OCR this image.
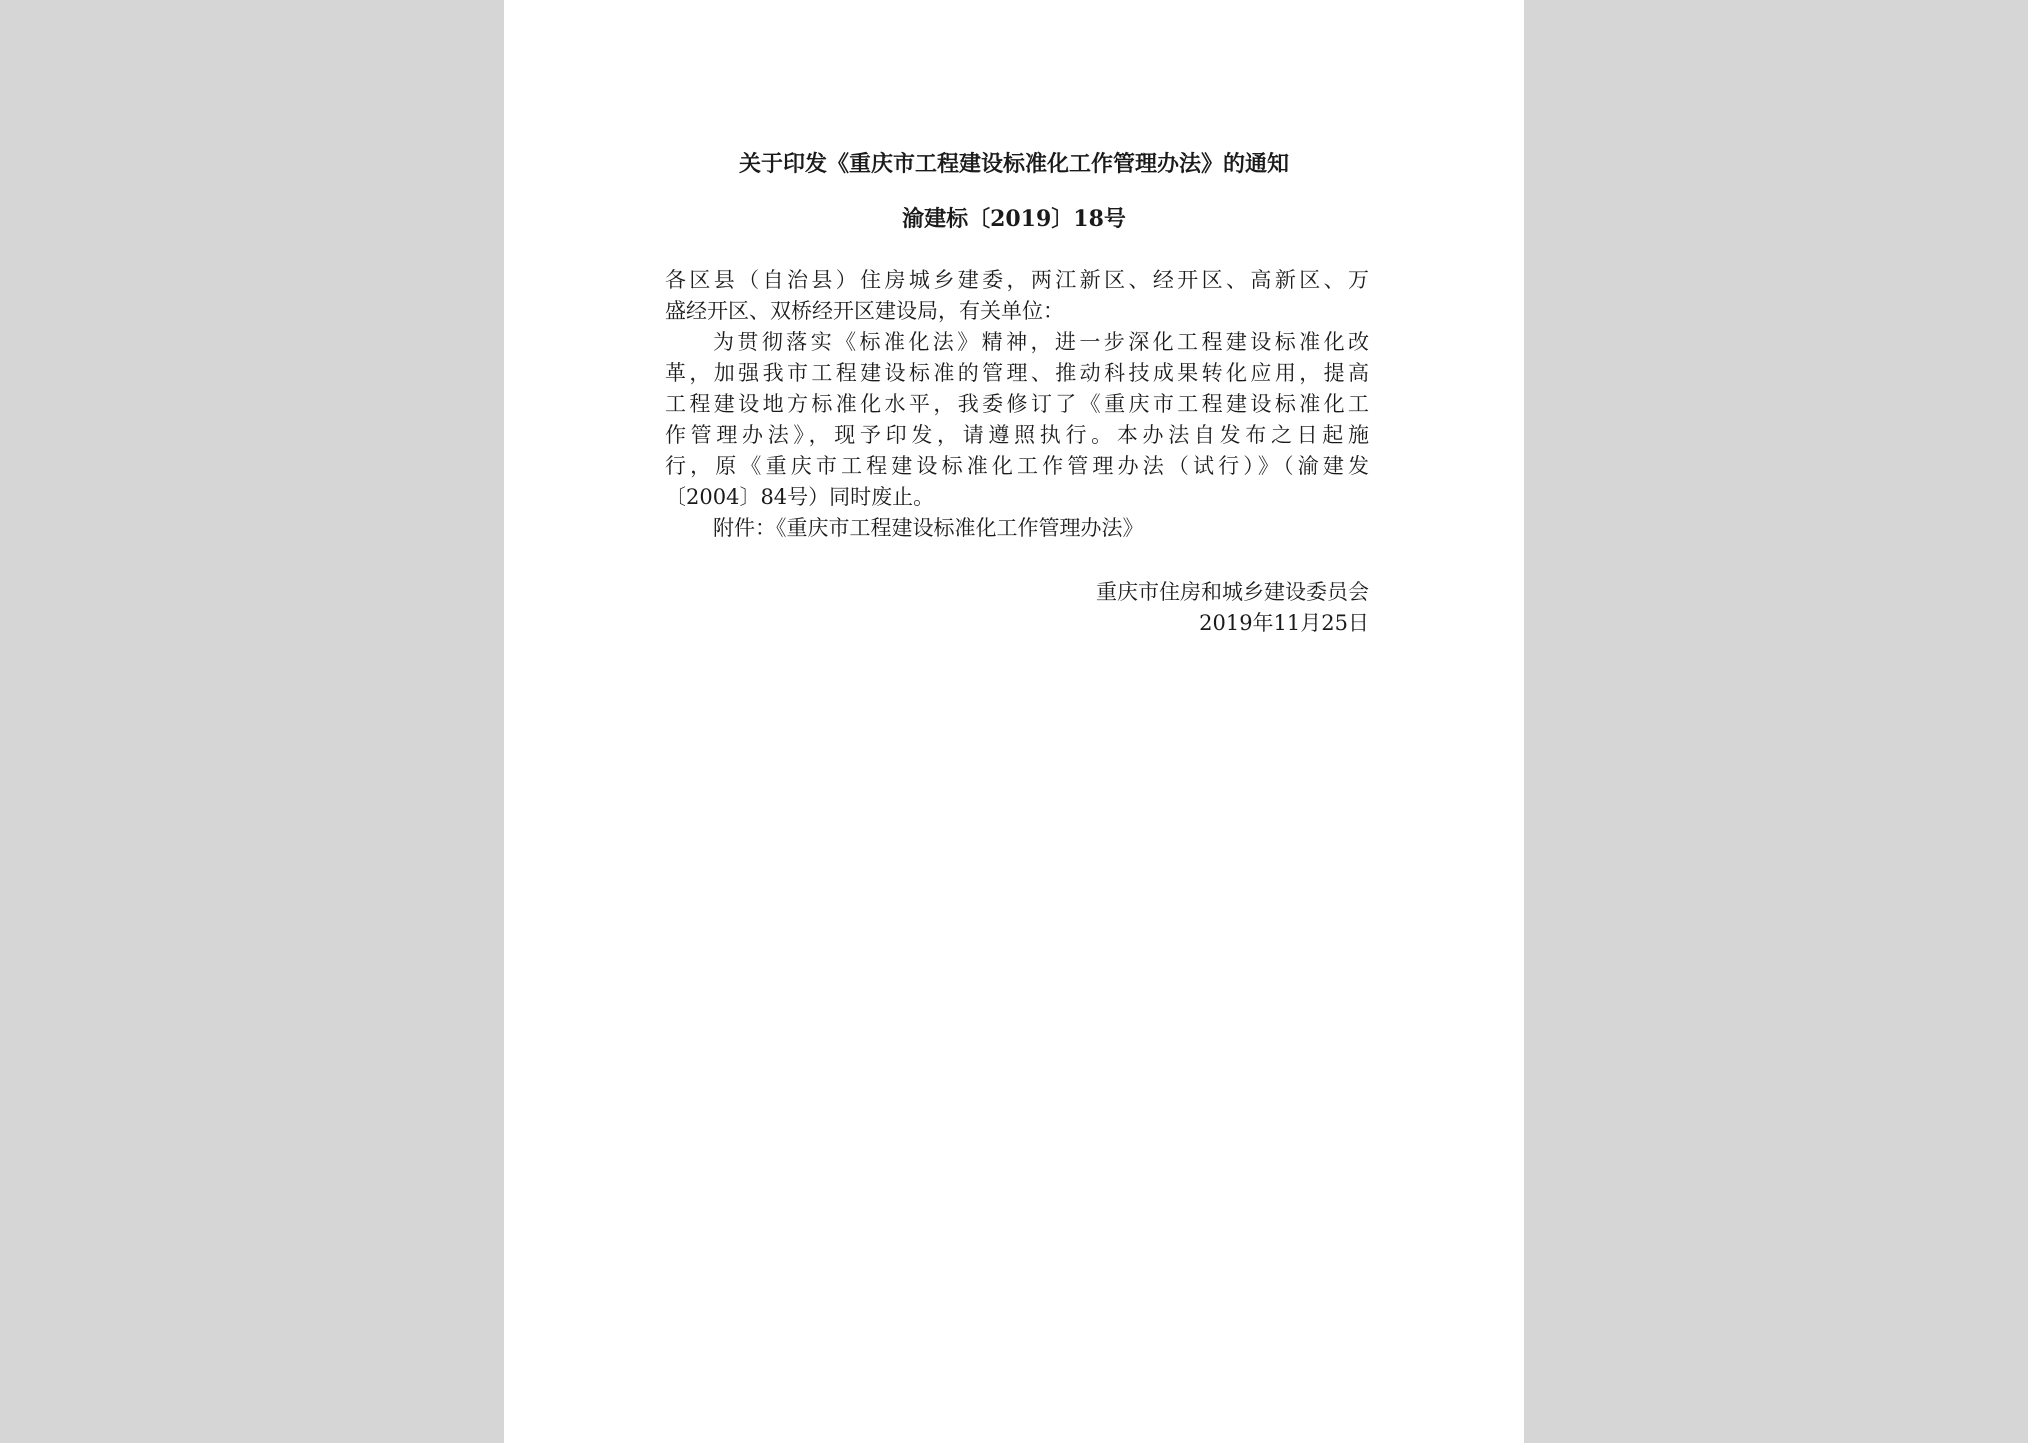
关于印发《重庆市工程建设标准化工作管理办法》的通知
渝建标〔2019〕18号
各区县（自治县）住房城乡建委，两江新区、经开区、高新区、万
盛经开区、双桥经开区建设局，有关单位：
为贯彻落实《标准化法》精神，进一步深化工程建设标准化改
革，加强我市工程建设标准的管理、推动科技成果转化应用，提高
工程建设地方标准化水平，我委修订了《重庆市工程建设标准化工
作管理办法》，现予印发，请遵照执行。本办法自发布之日起施
行，原《重庆市工程建设标准化工作管理办法（试行）》（渝建发
〔2004〕84号）同时废止。
附件：《重庆市工程建设标准化工作管理办法》
重庆市住房和城乡建设委员会
2019年11月25日
